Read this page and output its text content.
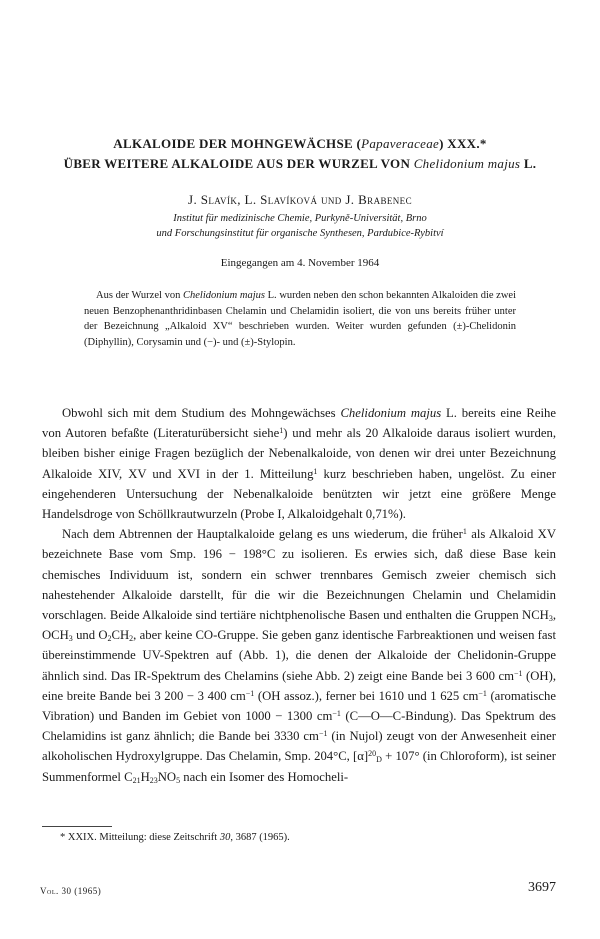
ALKALOIDE DER MOHNGEWÄCHSE (Papaveraceae) XXX.*
ÜBER WEITERE ALKALOIDE AUS DER WURZEL VON Chelidonium majus L.
J. Slavík, L. Slavíková und J. Brabenec
Institut für medizinische Chemie, Purkyně-Universität, Brno
und Forschungsinstitut für organische Synthesen, Pardubice-Rybitví
Eingegangen am 4. November 1964

Aus der Wurzel von Chelidonium majus L. wurden neben den schon bekannten Alkaloiden die zwei neuen Benzophenanthridinbasen Chelamin und Chelamidin isoliert, die von uns bereits früher unter der Bezeichnung „Alkaloid XV“ beschrieben wurden. Weiter wurden gefunden (±)-Chelidonin (Diphyllin), Corysamin und (−)- und (±)-Stylopin.

Obwohl sich mit dem Studium des Mohngewächses Chelidonium majus L. bereits eine Reihe von Autoren befaßte (Literaturübersicht siehe$^1$) und mehr als 20 Alkaloide daraus isoliert wurden, bleiben bisher einige Fragen bezüglich der Nebenalkaloide, von denen wir drei unter Bezeichnung Alkaloide XIV, XV und XVI in der 1. Mitteilung$^1$ kurz beschrieben haben, ungelöst. Zu einer eingehenderen Untersuchung der Nebenalkaloide benützten wir jetzt eine größere Menge Handelsdroge von Schöllkrautwurzeln (Probe I, Alkaloidgehalt 0,71%).

Nach dem Abtrennen der Hauptalkaloide gelang es uns wiederum, die früher$^1$ als Alkaloid XV bezeichnete Base vom Smp. 196 − 198°C zu isolieren. Es erwies sich, daß diese Base kein chemisches Individuum ist, sondern ein schwer trennbares Gemisch zweier chemisch sich nahestehender Alkaloide darstellt, für die wir die Bezeichnungen Chelamin und Chelamidin vorschlagen. Beide Alkaloide sind tertiäre nichtphenolische Basen und enthalten die Gruppen $NCH_3$, $OCH_3$ und $O_2CH_2$, aber keine CO-Gruppe. Sie geben ganz identische Farbreaktionen und weisen fast übereinstimmende UV-Spektren auf (Abb. 1), die denen der Alkaloide der Chelidonin-Gruppe ähnlich sind. Das IR-Spektrum des Chelamins (siehe Abb. 2) zeigt eine Bande bei 3 600 $cm^{-1}$ (OH), eine breite Bande bei 3 200 − 3 400 $cm^{-1}$ (OH assoz.), ferner bei 1610 und 1 625 $cm^{-1}$ (aromatische Vibration) und Banden im Gebiet von 1000 − 1300 $cm^{-1}$ (C—O—C-Bindung). Das Spektrum des Chelamidins ist ganz ähnlich; die Bande bei 3330 $cm^{-1}$ (in Nujol) zeugt von der Anwesenheit einer alkoholischen Hydroxylgruppe. Das Chelamin, Smp. 204°C, $[\alpha]^{20}_D + 107^\circ$ (in Chloroform), ist seiner Summenformel $C_{21}H_{23}NO_5$ nach ein Isomer des Homocheli-

* XXIX. Mitteilung: diese Zeitschrift 30, 3687 (1965).
Vol. 30 (1965)	3697
